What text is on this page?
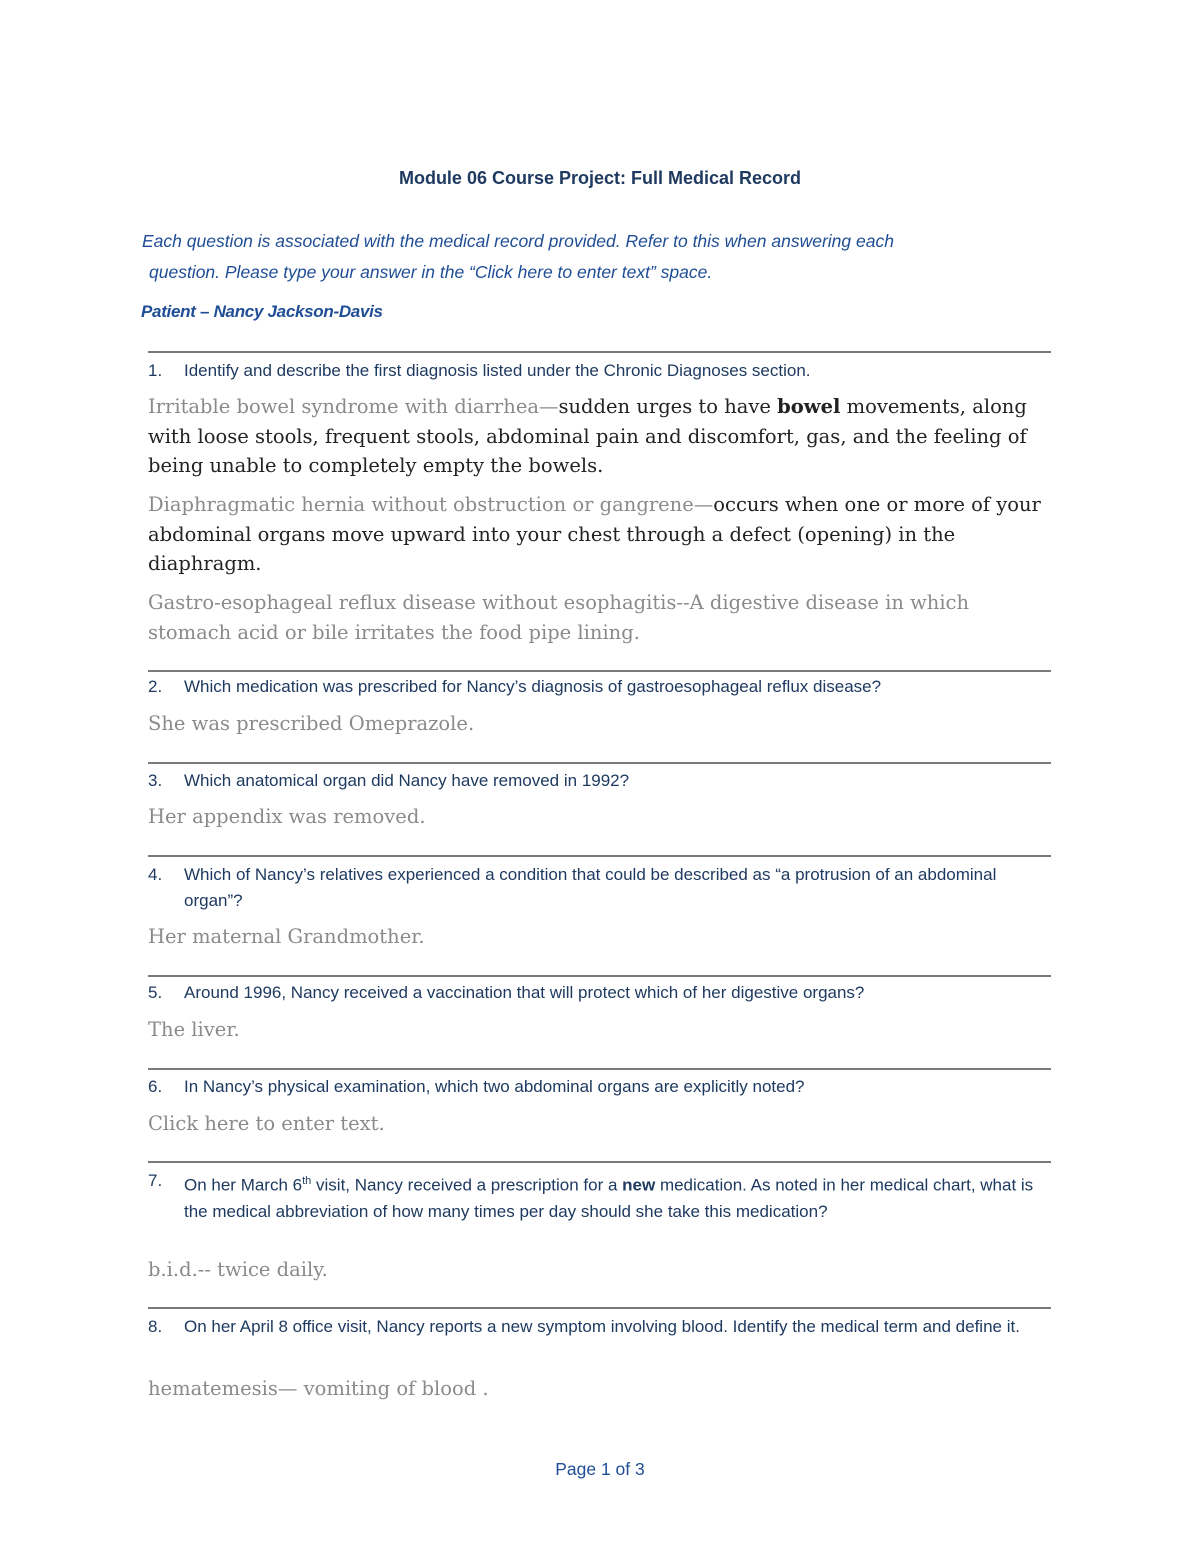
Module 06 Course Project: Full Medical Record
Each question is associated with the medical record provided. Refer to this when answering each
question. Please type your answer in the “Click here to enter text” space.
Patient – Nancy Jackson-Davis
1.	Identify and describe the first diagnosis listed under the Chronic Diagnoses section.
Irritable bowel syndrome with diarrhea—sudden urges to have bowel movements, along with loose stools, frequent stools, abdominal pain and discomfort, gas, and the feeling of being unable to completely empty the bowels.
Diaphragmatic hernia without obstruction or gangrene—occurs when one or more of your abdominal organs move upward into your chest through a defect (opening) in the diaphragm.
Gastro-esophageal reflux disease without esophagitis--A digestive disease in which stomach acid or bile irritates the food pipe lining.
2.	Which medication was prescribed for Nancy’s diagnosis of gastroesophageal reflux disease?
She was prescribed Omeprazole.
3.	Which anatomical organ did Nancy have removed in 1992?
Her appendix was removed.
4.	Which of Nancy’s relatives experienced a condition that could be described as “a protrusion of an abdominal organ”?
Her maternal Grandmother.
5.	Around 1996, Nancy received a vaccination that will protect which of her digestive organs?
The liver.
6.	In Nancy’s physical examination, which two abdominal organs are explicitly noted?
Click here to enter text.
7.	On her March 6th visit, Nancy received a prescription for a new medication. As noted in her medical chart, what is the medical abbreviation of how many times per day should she take this medication?
b.i.d.-- twice daily.
8.	On her April 8 office visit, Nancy reports a new symptom involving blood. Identify the medical term and define it.
hematemesis— vomiting of blood .
Page 1 of 3
